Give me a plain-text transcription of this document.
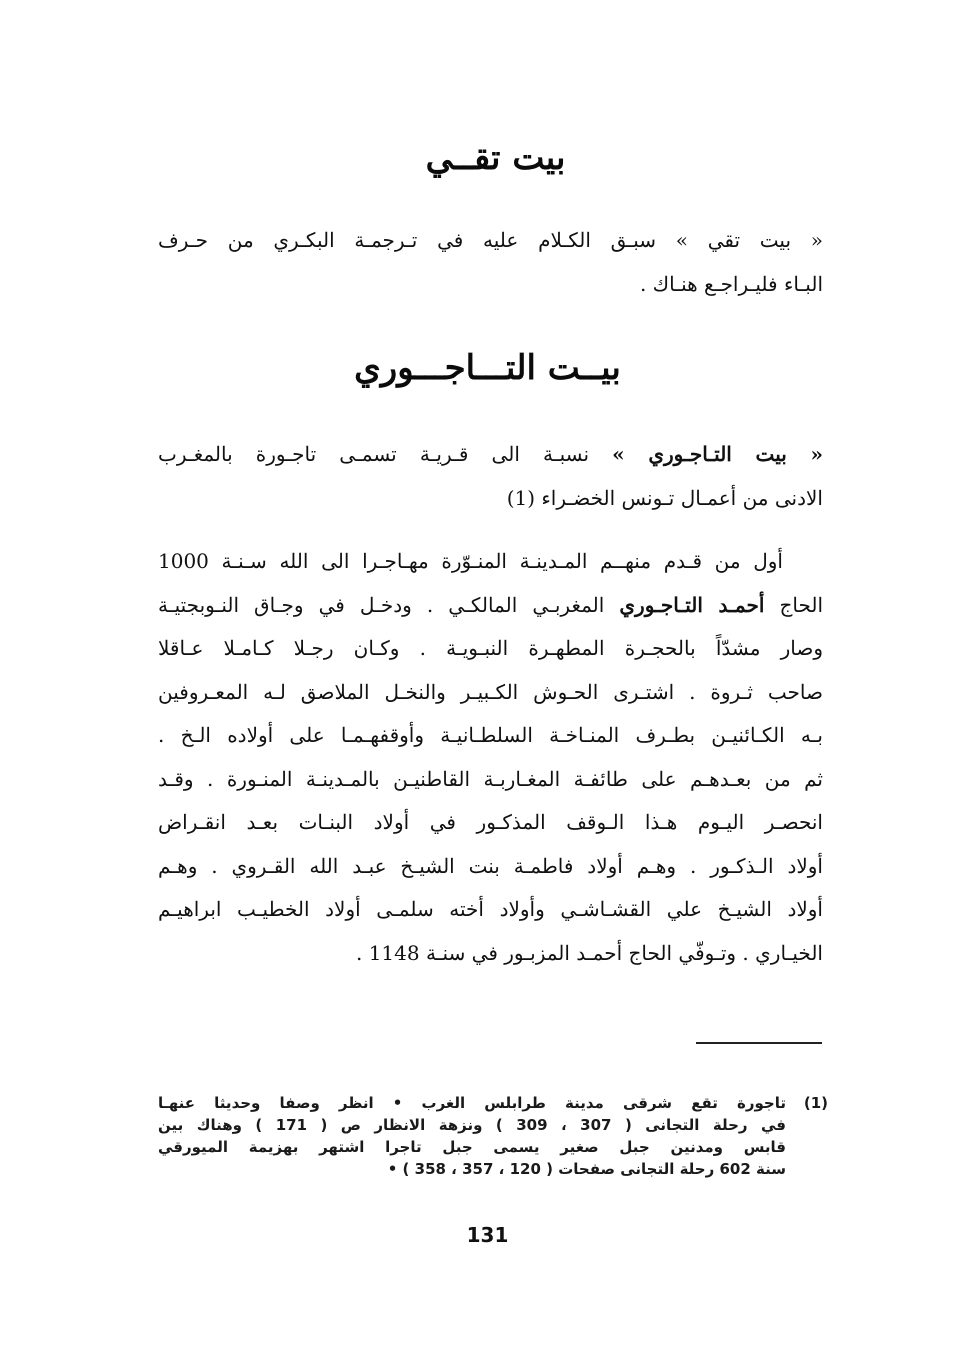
بيت تقــي
« بيت تقي » سبـق الكـلام عليه في تـرجمـة البكـري من حـرف
البـاء فليـراجـع هنـاك .
بيــت التـــاجـــوري
« بيت التـاجـوري » نسبـة الى قـريـة تسمـى تاجـورة بالمغـرب
الادنى من أعمـال تـونس الخضـراء (1)
أول من قـدم منهــم المـدينـة المنـوّرة مهـاجـرا الى الله سـنـة 1000
الحاج أحمـد التـاجـوري المغربـي المالكـي . ودخـل في وجـاق النـوبجتيـة
وصار مشدّاً بالحجـرة المطهـرة النبـويـة . وكـان رجـلا كـامـلا عـاقلا
صاحب ثـروة . اشتـرى الحـوش الكـبيـر والنخـل الملاصق لـه المعـروفين
بـه الكـائنيـن بطـرف المنـاخـة السلطـانيـة وأوقفهـمـا على أولاده الـخ .
ثم من بعـدهـم على طائفـة المغـاربـة القاطنيـن بالمـدينـة المنـورة . وقـد
انحصـر اليـوم هـذا الـوقف المذكـور في أولاد البنـات بعـد انقـراض
أولاد الـذكـور . وهـم أولاد فاطمـة بنت الشيـخ عبـد الله القـروي . وهـم
أولاد الشيـخ علي القشـاشـي وأولاد أخته سلمـى أولاد الخطيـب ابراهيـم
الخيـاري . وتـوفّي الحاج أحمـد المزبـور في سنـة 1148 .
(1)
تاجورة تقع شرقى مدينة طرابلس الغرب • انظر وصفا وحديثا عنهـا
في رحلة التجانى ( 307 ، 309 ) ونزهة الانظار ص ( 171 ) وهناك بين
قابس ومدنين جبل صغير يسمى جبل تاجرا اشتهر بهزيمة الميورقي
سنة 602 رحلة التجانى صفحات ( 120 ، 357 ، 358 ) •
131
